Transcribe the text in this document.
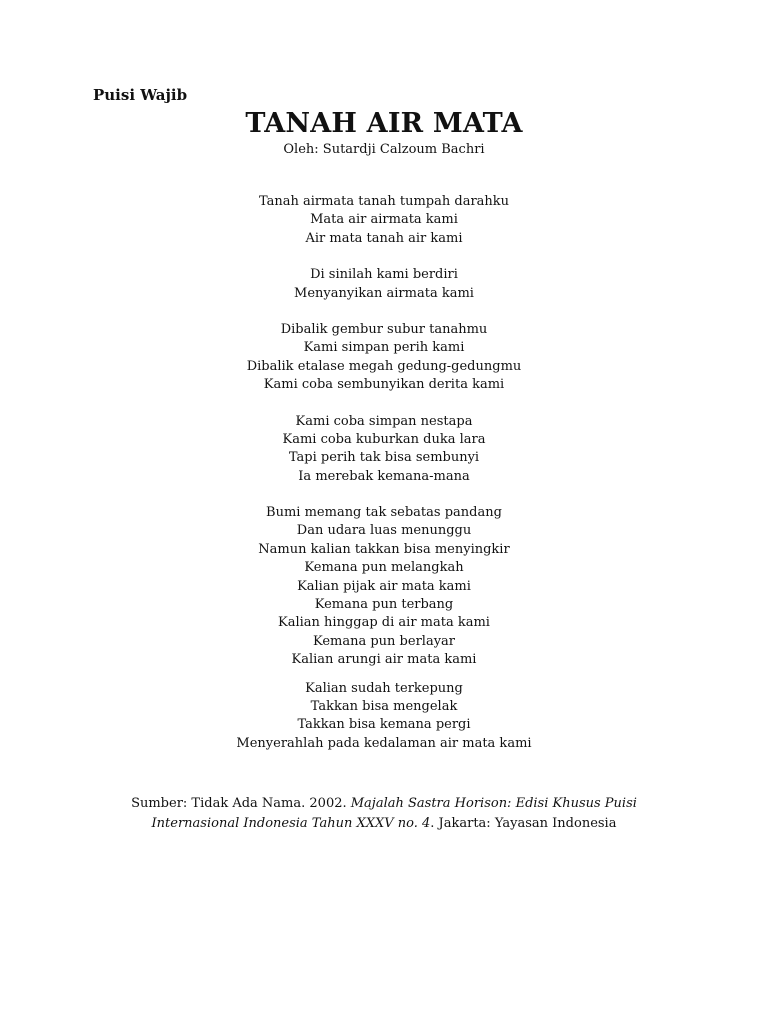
Puisi Wajib

TANAH AIR MATA

Oleh: Sutardji Calzoum Bachri

Tanah airmata tanah tumpah darahku
Mata air airmata kami
Air mata tanah air kami
Di sinilah kami berdiri
Menyanyikan airmata kami
Dibalik gembur subur tanahmu
Kami simpan perih kami
Dibalik etalase megah gedung-gedungmu
Kami coba sembunyikan derita kami
Kami coba simpan nestapa
Kami coba kuburkan duka lara
Tapi perih tak bisa sembunyi
Ia merebak kemana-mana
Bumi memang tak sebatas pandang
Dan udara luas menunggu
Namun kalian takkan bisa menyingkir
Kemana pun melangkah
Kalian pijak air mata kami
Kemana pun terbang
Kalian hinggap di air mata kami
Kemana pun berlayar
Kalian arungi air mata kami
Kalian sudah terkepung
Takkan bisa mengelak
Takkan bisa kemana pergi
Menyerahlah pada kedalaman air mata kami
Sumber: Tidak Ada Nama. 2002. Majalah Sastra Horison: Edisi Khusus Puisi
Internasional Indonesia Tahun XXXV no. 4. Jakarta: Yayasan Indonesia
